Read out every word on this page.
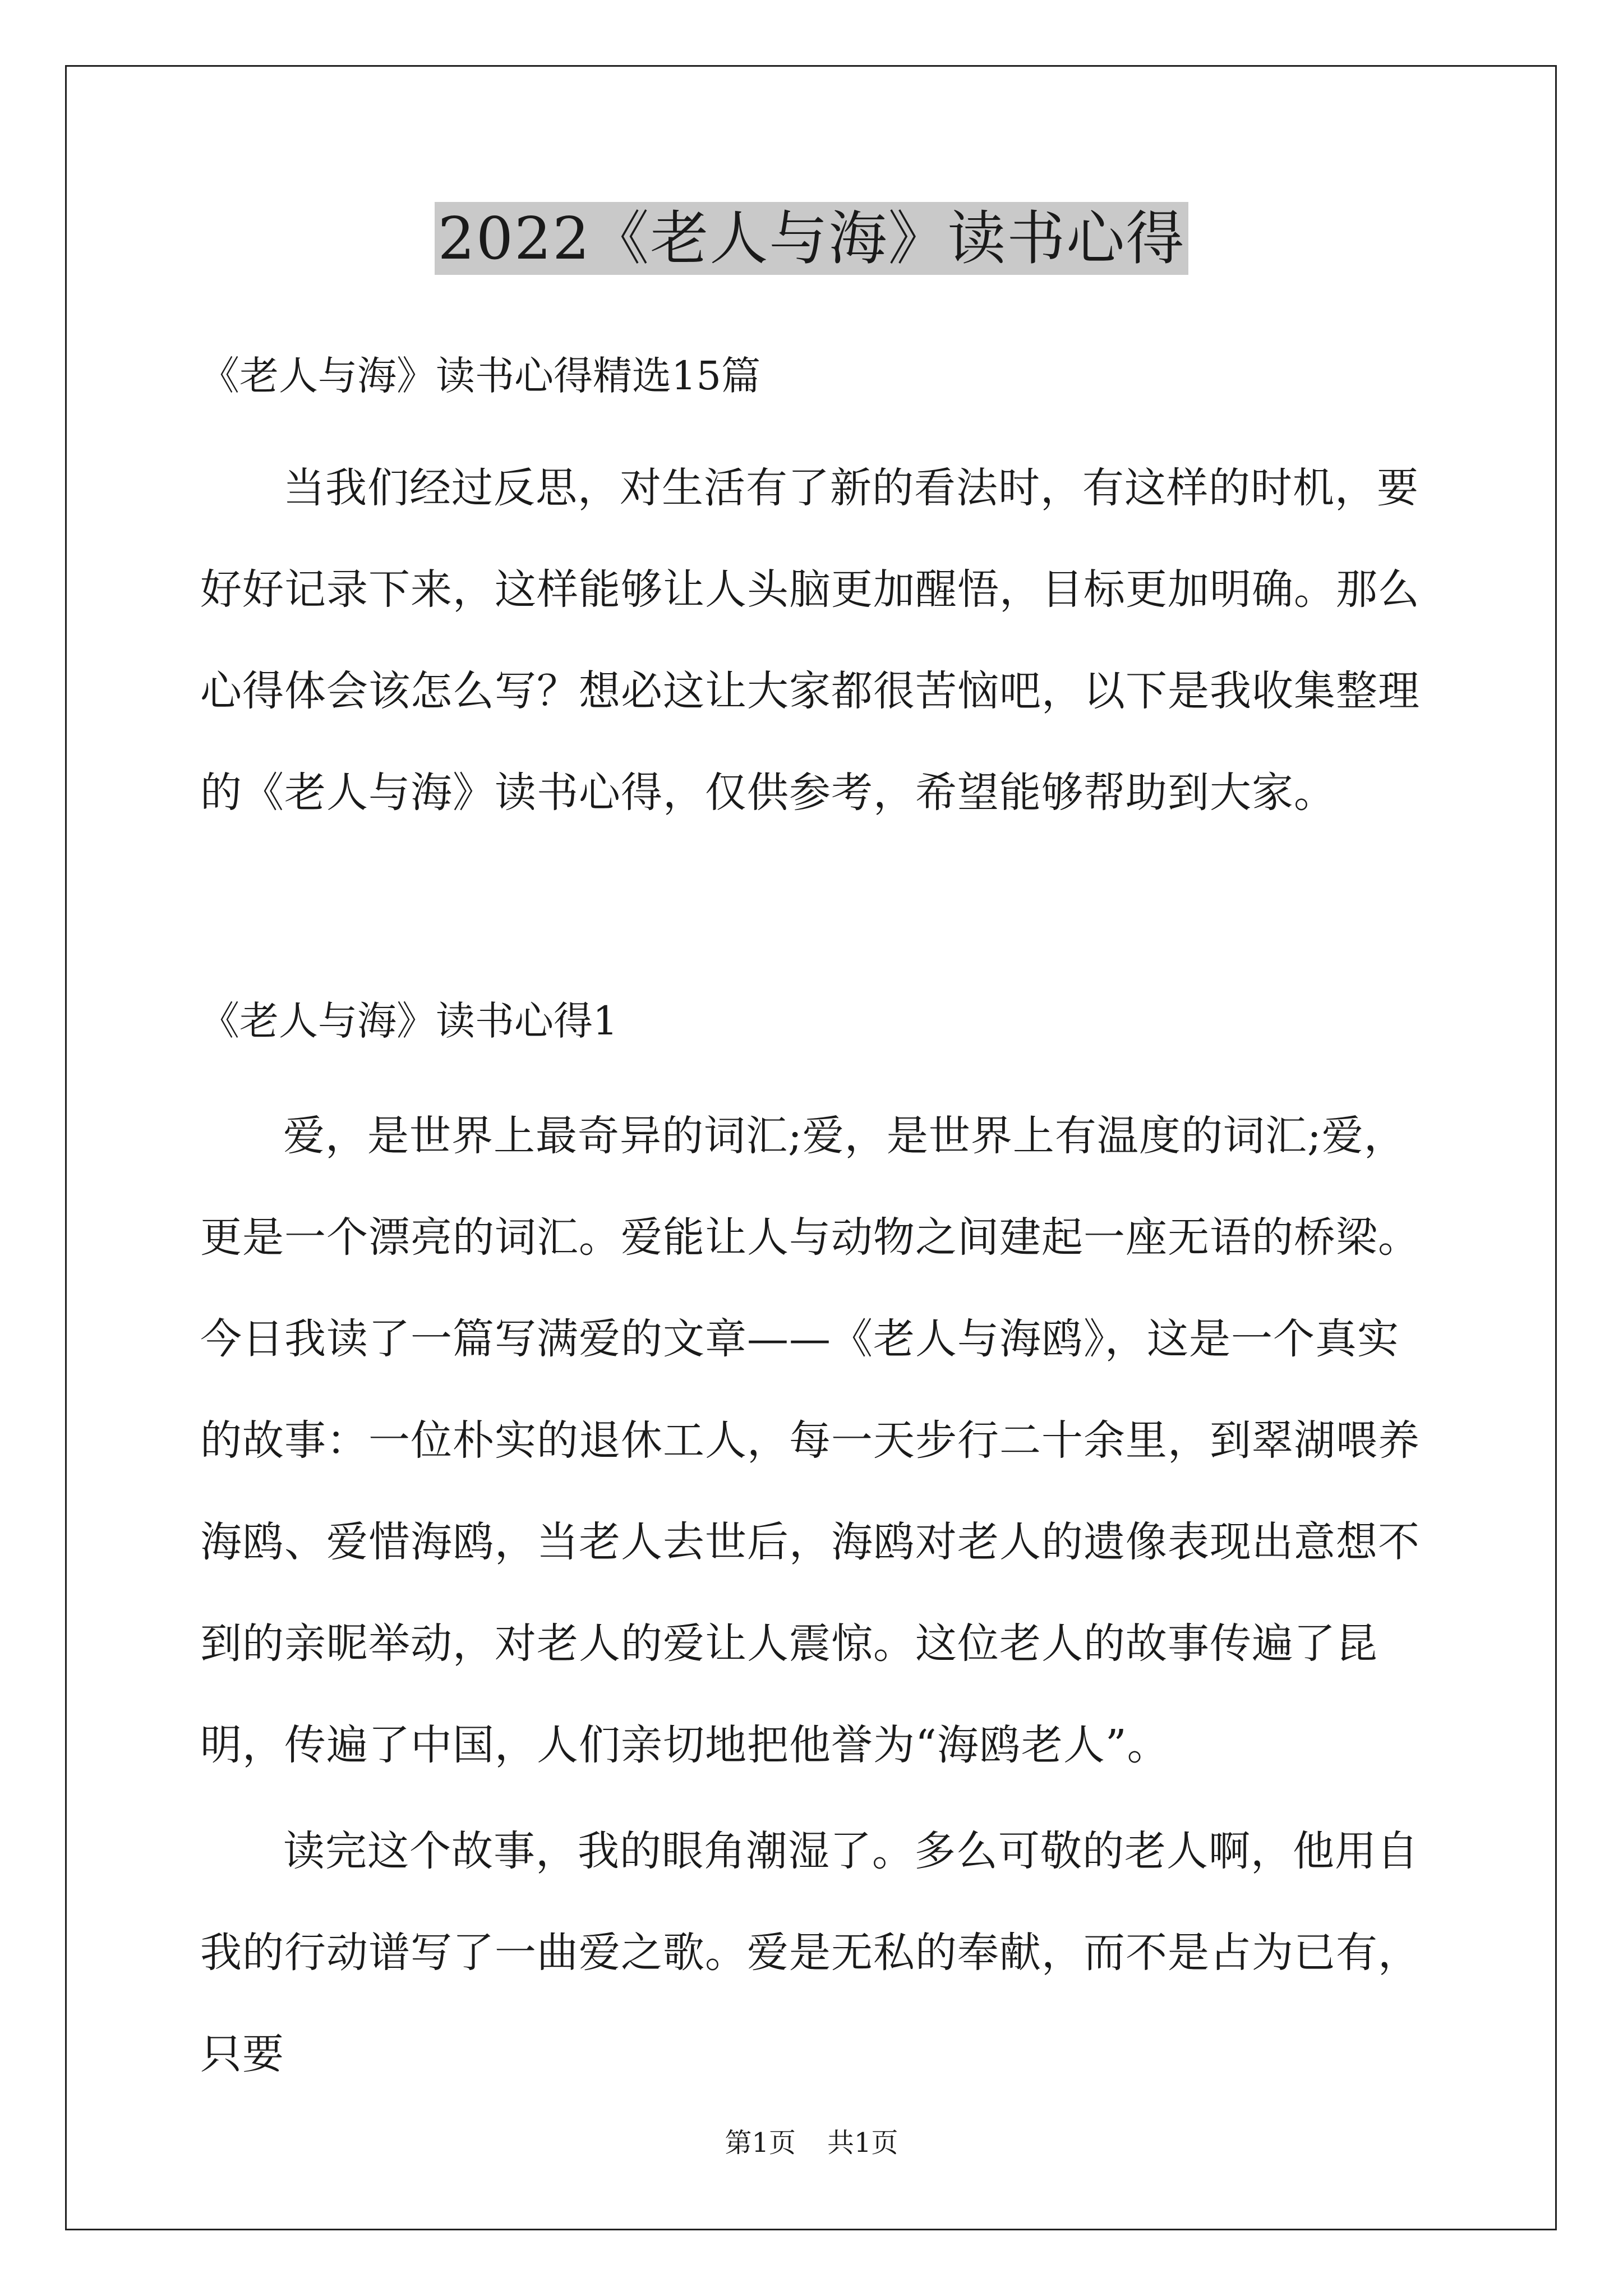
2022《老人与海》读书心得
《老人与海》读书心得精选15篇

当我们经过反思，对生活有了新的看法时，有这样的时机，要好好记录下来，这样能够让人头脑更加醒悟，目标更加明确。那么心得体会该怎么写？想必这让大家都很苦恼吧，以下是我收集整理的《老人与海》读书心得，仅供参考，希望能够帮助到大家。

《老人与海》读书心得1

爱，是世界上最奇异的词汇;爱，是世界上有温度的词汇;爱，更是一个漂亮的词汇。爱能让人与动物之间建起一座无语的桥梁。今日我读了一篇写满爱的文章——《老人与海鸥》，这是一个真实的故事：一位朴实的退休工人，每一天步行二十余里，到翠湖喂养海鸥、爱惜海鸥，当老人去世后，海鸥对老人的遗像表现出意想不到的亲昵举动，对老人的爱让人震惊。这位老人的故事传遍了昆明，传遍了中国，人们亲切地把他誉为“海鸥老人”。

读完这个故事，我的眼角潮湿了。多么可敬的老人啊，他用自我的行动谱写了一曲爱之歌。爱是无私的奉献，而不是占为已有，只要

第1页 共1页
